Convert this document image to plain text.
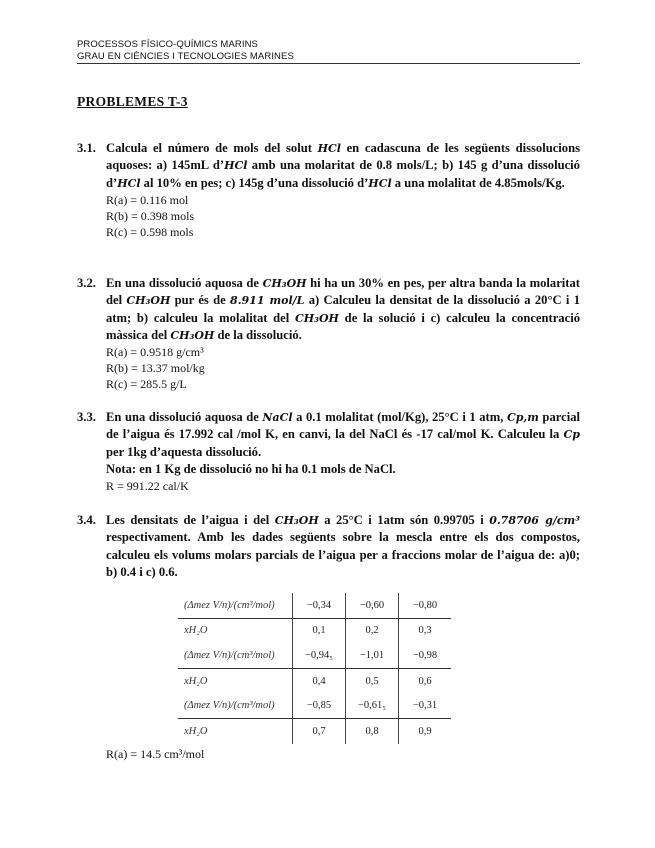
PROCESSOS FÍSICO-QUÍMICS MARINS
GRAU EN CIÈNCIES I TECNOLOGIES MARINES
PROBLEMES T-3
3.1. Calcula el número de mols del solut HCl en cadascuna de les següents dissolucions aquoses: a) 145mL d’HCl amb una molaritat de 0.8 mols/L; b) 145 g d’una dissolució d’HCl al 10% en pes; c) 145g d’una dissolució d’HCl a una molalitat de 4.85mols/Kg.
R(a) = 0.116 mol
R(b) = 0.398 mols
R(c) = 0.598 mols
3.2. En una dissolució aquosa de CH₃OH hi ha un 30% en pes, per altra banda la molaritat del CH₃OH pur és de 8.911 mol/L a) Calculeu la densitat de la dissolució a 20°C i 1 atm; b) calculeu la molalitat del CH₃OH de la solució i c) calculeu la concentració màssica del CH₃OH de la dissolució.
R(a) = 0.9518 g/cm³
R(b) = 13.37 mol/kg
R(c) = 285.5 g/L
3.3. En una dissolució aquosa de NaCl a 0.1 molalitat (mol/Kg), 25°C i 1 atm, Cp,m parcial de l’aigua és 17.992 cal /mol K, en canvi, la del NaCl és -17 cal/mol K. Calculeu la Cp per 1kg d’aquesta dissolució.
Nota: en 1 Kg de dissolució no hi ha 0.1 mols de NaCl.
R = 991.22 cal/K
3.4. Les densitats de l’aigua i del CH₃OH a 25°C i 1atm són 0.99705 i 0.78706 g/cm³ respectivament. Amb les dades següents sobre la mescla entre els dos compostos, calculeu els volums molars parcials de l’aigua per a fraccions molar de l’aigua de: a)0; b) 0.4 i c) 0.6.
(Δmez V/n)/(cm³/mol)	−0,34	−0,60	−0,80
xH₂O	0,1	0,2	0,3
(Δmez V/n)/(cm³/mol)	−0,94₅	−1,01	−0,98
xH₂O	0,4	0,5	0,6
(Δmez V/n)/(cm³/mol)	−0,85	−0,61₅	−0,31
xH₂O	0,7	0,8	0,9
R(a) = 14.5 cm³/mol
